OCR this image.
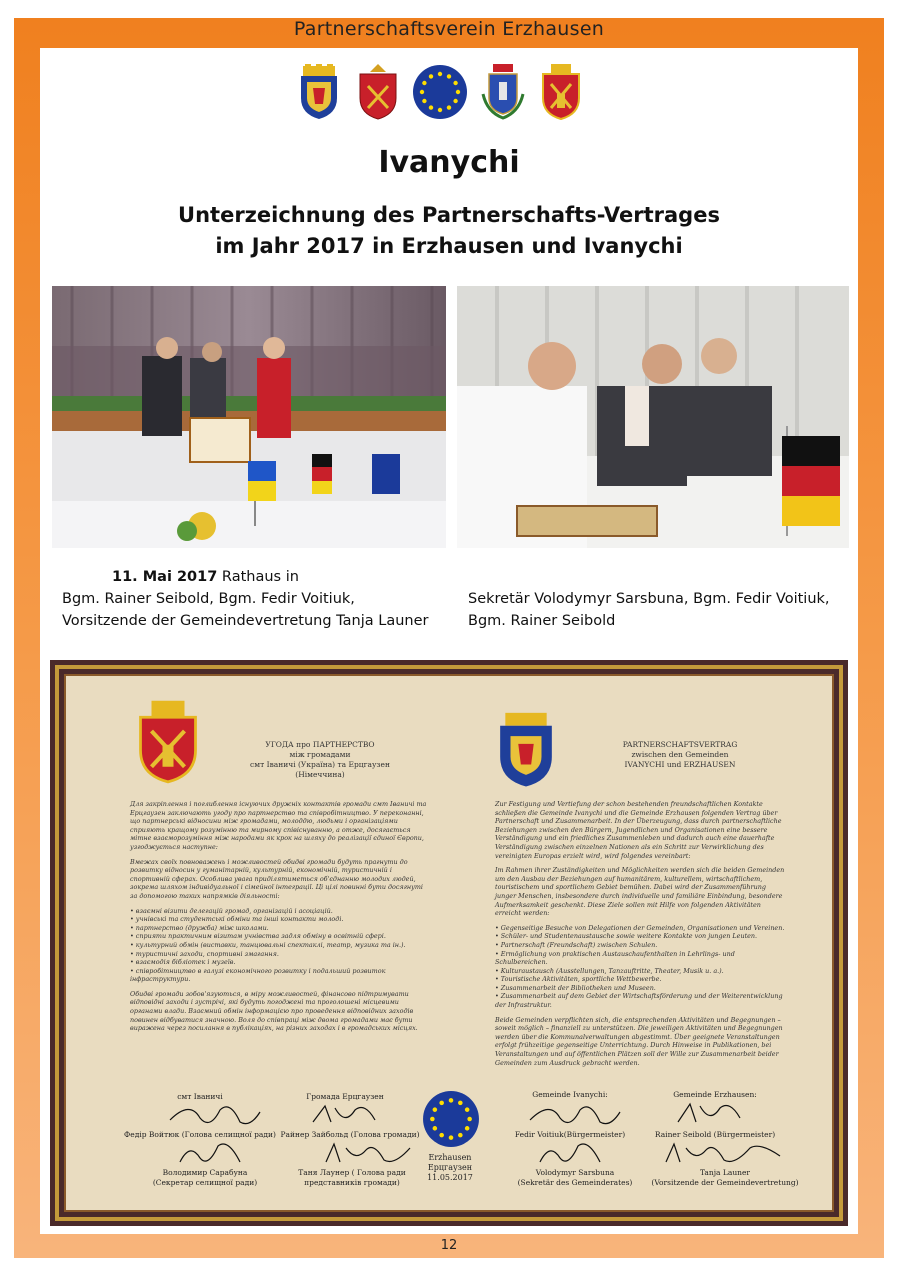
Partnerschaftsverein Erzhausen
Ivanychi
Unterzeichnung des Partnerschafts-Vertrages
im Jahr 2017 in Erzhausen und Ivanychi
11. Mai 2017 Rathaus in
Bgm. Rainer Seibold, Bgm. Fedir Voitiuk,
Vorsitzende der Gemeindevertretung Tanja Launer
Sekretär Volodymyr Sarsbuna, Bgm. Fedir Voitiuk,
Bgm. Rainer Seibold
УГОДА про ПАРТНЕРСТВО
між громадами
смт Іваничі (Україна) та Ерцгаузен
(Німеччина)
PARTNERSCHAFTSVERTRAG
zwischen den Gemeinden
IVANYCHI und ERZHAUSEN

Для закріплення і поглиблення існуючих дружніх контактів громади смт Іваничі та Ерцгаузен заключають угоду про партнерство та співробітництво. У переконанні, що партнерські відносини між громадами, молоддю, людьми і організаціями сприяють кращому розумінню та мирному співіснуванню, а отже, досягається мітне взаєморозуміння між народами як крок на шляху до реалізації єдиної Європи, узгоджується наступне:

Вмежах своїх повноважень і можливостей обидві громади будуть прагнути до розвитку відносин у гуманітарній, культурній, економічній, туристичній і спортивній сферах. Особлива увага приділятиметься об'єднанню молодих людей, зокрема шляхом індивідуальної і сімейної інтеграції. Ці цілі повинні бути досягнуті за допомогою таких напрямків діяльності:

• взаємні візити делегацій громад, організацій і асоціацій.
• учнівські та студентські обміни та інші контакти молоді.
• партнерство (дружба) між школами.
• сприяти практичним візитам учнівства задля обміну в освітній сфері.
• культурний обмін (виставки, танцювальні спектаклі, театр, музика та ін.).
• туристичні заходи, спортивні змагання.
• взаємодія бібліотек і музеїв.
• співробітництво в галузі економічного розвитку і подальший розвиток інфраструктури.

Обидві громади зобов'язуються, в міру можливостей, фінансово підтримувати відповідні заходи і зустрічі, які будуть погоджені та проголошені місцевими органами влади. Взаємний обмін інформацією про проведення відповідних заходів повинен відбуватися значною. Воля до співпраці між двома громадами має бути виражена через посилання в публікаціях, на різних заходах і в громадських місцях.

Zur Festigung und Vertiefung der schon bestehenden freundschaftlichen Kontakte schließen die Gemeinde Ivanychi und die Gemeinde Erzhausen folgenden Vertrag über Partnerschaft und Zusammenarbeit. In der Überzeugung, dass durch partnerschaftliche Beziehungen zwischen den Bürgern, Jugendlichen und Organisationen eine bessere Verständigung und ein friedliches Zusammenleben und dadurch auch eine dauerhafte Verständigung zwischen einzelnen Nationen als ein Schritt zur Verwirklichung des vereinigten Europas erzielt wird, wird folgendes vereinbart:

Im Rahmen ihrer Zuständigkeiten und Möglichkeiten werden sich die beiden Gemeinden um den Ausbau der Beziehungen auf humanitärem, kulturellem, wirtschaftlichem, touristischem und sportlichem Gebiet bemühen. Dabei wird der Zusammenführung junger Menschen, insbesondere durch individuelle und familiäre Einbindung, besondere Aufmerksamkeit geschenkt. Diese Ziele sollen mit Hilfe von folgenden Aktivitäten erreicht werden:

• Gegenseitige Besuche von Delegationen der Gemeinden, Organisationen und Vereinen.
• Schüler- und Studentenaustausche sowie weitere Kontakte von jungen Leuten.
• Partnerschaft (Freundschaft) zwischen Schulen.
• Ermöglichung von praktischen Austauschaufenthalten in Lehrlings- und Schulbereichen.
• Kulturaustausch (Ausstellungen, Tanzauftritte, Theater, Musik u. a.).
• Touristische Aktivitäten, sportliche Wettbewerbe.
• Zusammenarbeit der Bibliotheken und Museen.
• Zusammenarbeit auf dem Gebiet der Wirtschaftsförderung und der Weiterentwicklung der Infrastruktur.

Beide Gemeinden verpflichten sich, die entsprechenden Aktivitäten und Begegnungen – soweit möglich – finanziell zu unterstützen. Die jeweiligen Aktivitäten und Begegnungen werden über die Kommunalverwaltungen abgestimmt. Über geeignete Veranstaltungen erfolgt frühzeitige gegenseitige Unterrichtung. Durch Hinweise in Publikationen, bei Veranstaltungen und auf öffentlichen Plätzen soll der Wille zur Zusammenarbeit beider Gemeinden zum Ausdruck gebracht werden.

смт Іваничі
Федір Войтюк (Голова селищної ради)
Громада Ерцгаузен
Райнер Зайбольд (Голова громади)
Володимир Сарабуна
(Секретар селищної ради)
Таня Лаунер ( Голова ради
представників громади)
Erzhausen
Ерцгаузен
11.05.2017
Gemeinde Ivanychi:
Fedir Voitiuk(Bürgermeister)
Gemeinde Erzhausen:
Rainer Seibold (Bürgermeister)
Volodymyr Sarsbuna
(Sekretär des Gemeinderates)
Tanja Launer
(Vorsitzende der Gemeindevertretung)
12
